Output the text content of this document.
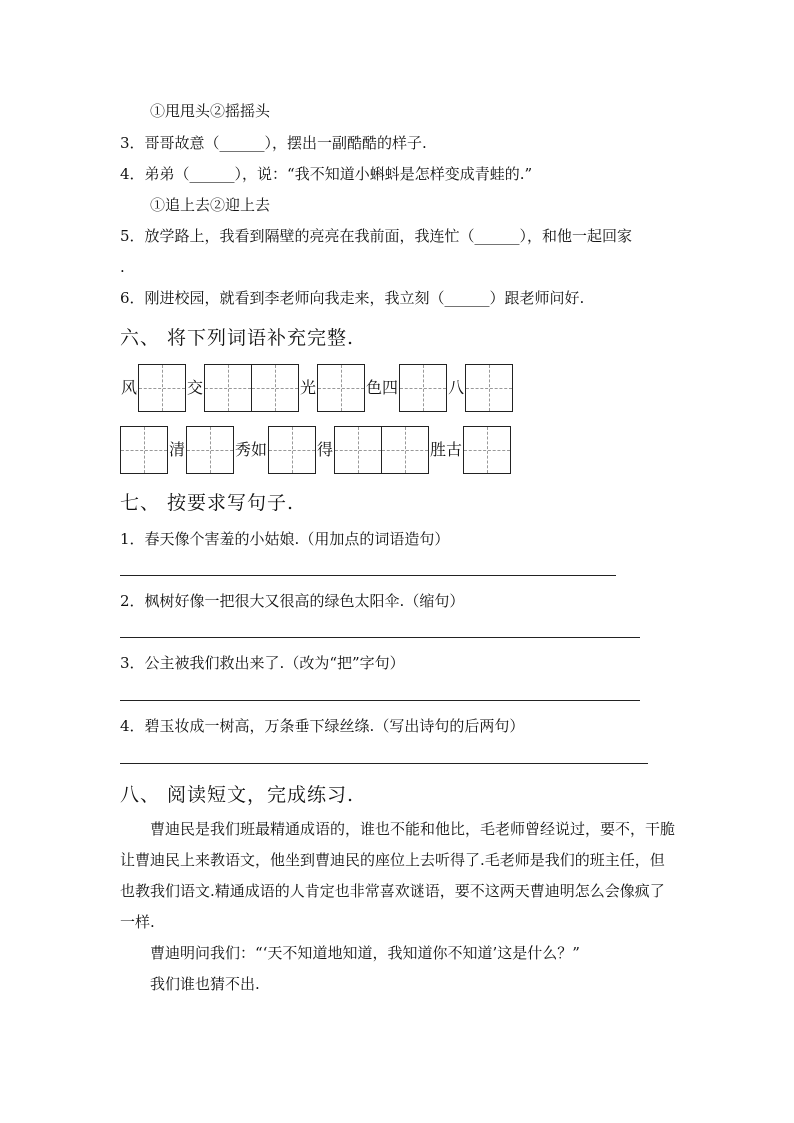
①甩甩头②摇摇头
3．哥哥故意（______），摆出一副酷酷的样子.
4．弟弟（______），说：“我不知道小蝌蚪是怎样变成青蛙的.”
①追上去②迎上去
5．放学路上，我看到隔壁的亮亮在我前面，我连忙（______），和他一起回家
.
6．刚进校园，就看到李老师向我走来，我立刻（______）跟老师问好.
六、 将下列词语补充完整.
风	交	光	色四	八
清	秀如	得	胜古
七、 按要求写句子.
1．春天像个害羞的小姑娘.（用加点的词语造句）
2．枫树好像一把很大又很高的绿色太阳伞.（缩句）
3．公主被我们救出来了.（改为“把”字句）
4．碧玉妆成一树高，万条垂下绿丝绦.（写出诗句的后两句）
八、 阅读短文，完成练习.

曹迪民是我们班最精通成语的，谁也不能和他比，毛老师曾经说过，要不，干脆让曹迪民上来教语文，他坐到曹迪民的座位上去听得了.毛老师是我们的班主任，但也教我们语文.精通成语的人肯定也非常喜欢谜语，要不这两天曹迪明怎么会像疯了一样.

曹迪明问我们：“‘天不知道地知道，我知道你不知道’这是什么？”

我们谁也猜不出.
